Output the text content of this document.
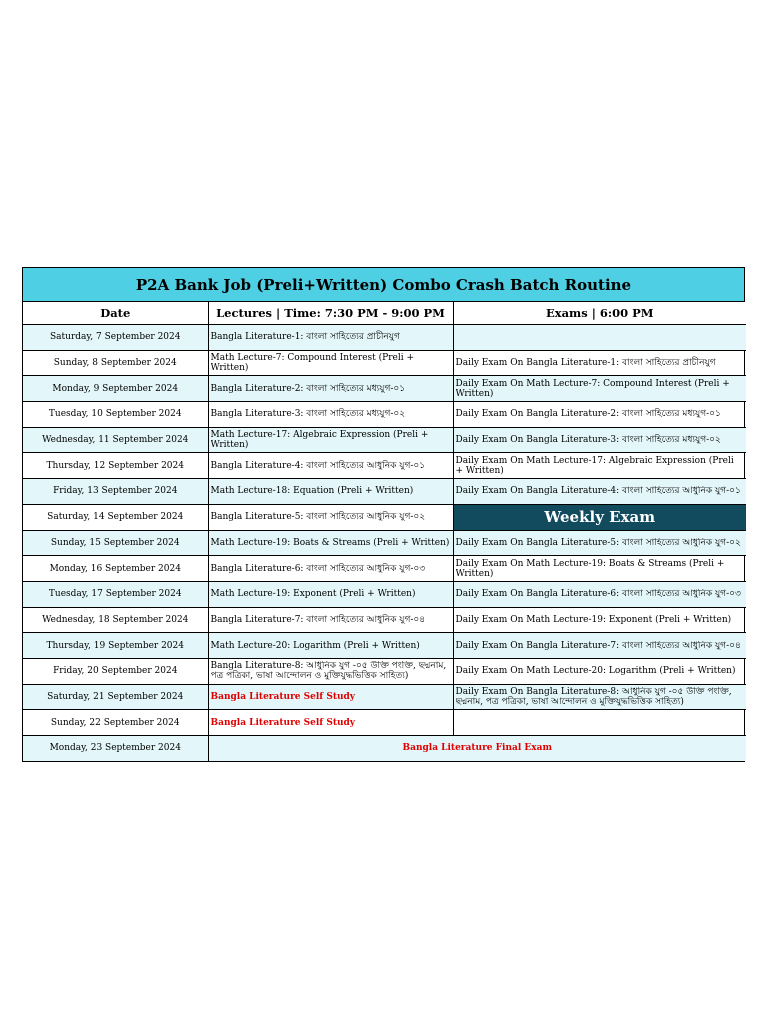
P2A Bank Job (Preli+Written) Combo Crash Batch Routine
Date	Lectures | Time: 7:30 PM - 9:00 PM	Exams | 6:00 PM
Saturday, 7 September 2024	Bangla Literature-1: বাংলা সাহিত্যের প্রাচীনযুগ	
Sunday, 8 September 2024	Math Lecture-7: Compound Interest (Preli + Written)	Daily Exam On Bangla Literature-1: বাংলা সাহিত্যের প্রাচীনযুগ
Monday, 9 September 2024	Bangla Literature-2: বাংলা সাহিত্যের মধ্যযুগ-০১	Daily Exam On Math Lecture-7: Compound Interest (Preli + Written)

Tuesday, 10 September 2024	Bangla Literature-3: বাংলা সাহিত্যের মধ্যযুগ-০২	Daily Exam On Bangla Literature-2: বাংলা সাহিত্যের মধ্যযুগ-০১
Wednesday, 11 September 2024	Math Lecture-17: Algebraic Expression (Preli + Written)	Daily Exam On Bangla Literature-3: বাংলা সাহিত্যের মধ্যযুগ-০২
Thursday, 12 September 2024	Bangla Literature-4: বাংলা সাহিত্যের আধুনিক যুগ-০১	Daily Exam On Math Lecture-17: Algebraic Expression (Preli + Written)

Friday, 13 September 2024	Math Lecture-18: Equation (Preli + Written)	Daily Exam On Bangla Literature-4: বাংলা সাহিত্যের আধুনিক যুগ-০১

Saturday, 14 September 2024	Bangla Literature-5: বাংলা সাহিত্যের আধুনিক যুগ-০২	Weekly Exam
Sunday, 15 September 2024	Math Lecture-19: Boats & Streams (Preli + Written)	Daily Exam On Bangla Literature-5: বাংলা সাহিত্যের আধুনিক যুগ-০২

Monday, 16 September 2024	Bangla Literature-6: বাংলা সাহিত্যের আধুনিক যুগ-০৩	Daily Exam On Math Lecture-19: Boats & Streams (Preli + Written)

Tuesday, 17 September 2024	Math Lecture-19: Exponent (Preli + Written)	Daily Exam On Bangla Literature-6: বাংলা সাহিত্যের আধুনিক যুগ-০৩

Wednesday, 18 September 2024	Bangla Literature-7: বাংলা সাহিত্যের আধুনিক যুগ-০৪	Daily Exam On Math Lecture-19: Exponent (Preli + Written)
Thursday, 19 September 2024	Math Lecture-20: Logarithm (Preli + Written)	Daily Exam On Bangla Literature-7: বাংলা সাহিত্যের আধুনিক যুগ-০৪

Friday, 20 September 2024	Bangla Literature-8: আধুনিক যুগ -০৫ উক্তি পংক্তি, ছদ্মনাম, পত্র পত্রিকা, ভাষা আন্দোলন ও মুক্তিযুদ্ধভিত্তিক সাহিত্য)	Daily Exam On Math Lecture-20: Logarithm (Preli + Written)
Saturday, 21 September 2024	Bangla Literature Self Study	Daily Exam On Bangla Literature-8: আধুনিক যুগ -০৫ উক্তি পংক্তি, ছদ্মনাম, পত্র পত্রিকা, ভাষা আন্দোলন ও মুক্তিযুদ্ধভিত্তিক সাহিত্য)

Sunday, 22 September 2024	Bangla Literature Self Study	
Monday, 23 September 2024	Bangla Literature Final Exam	
